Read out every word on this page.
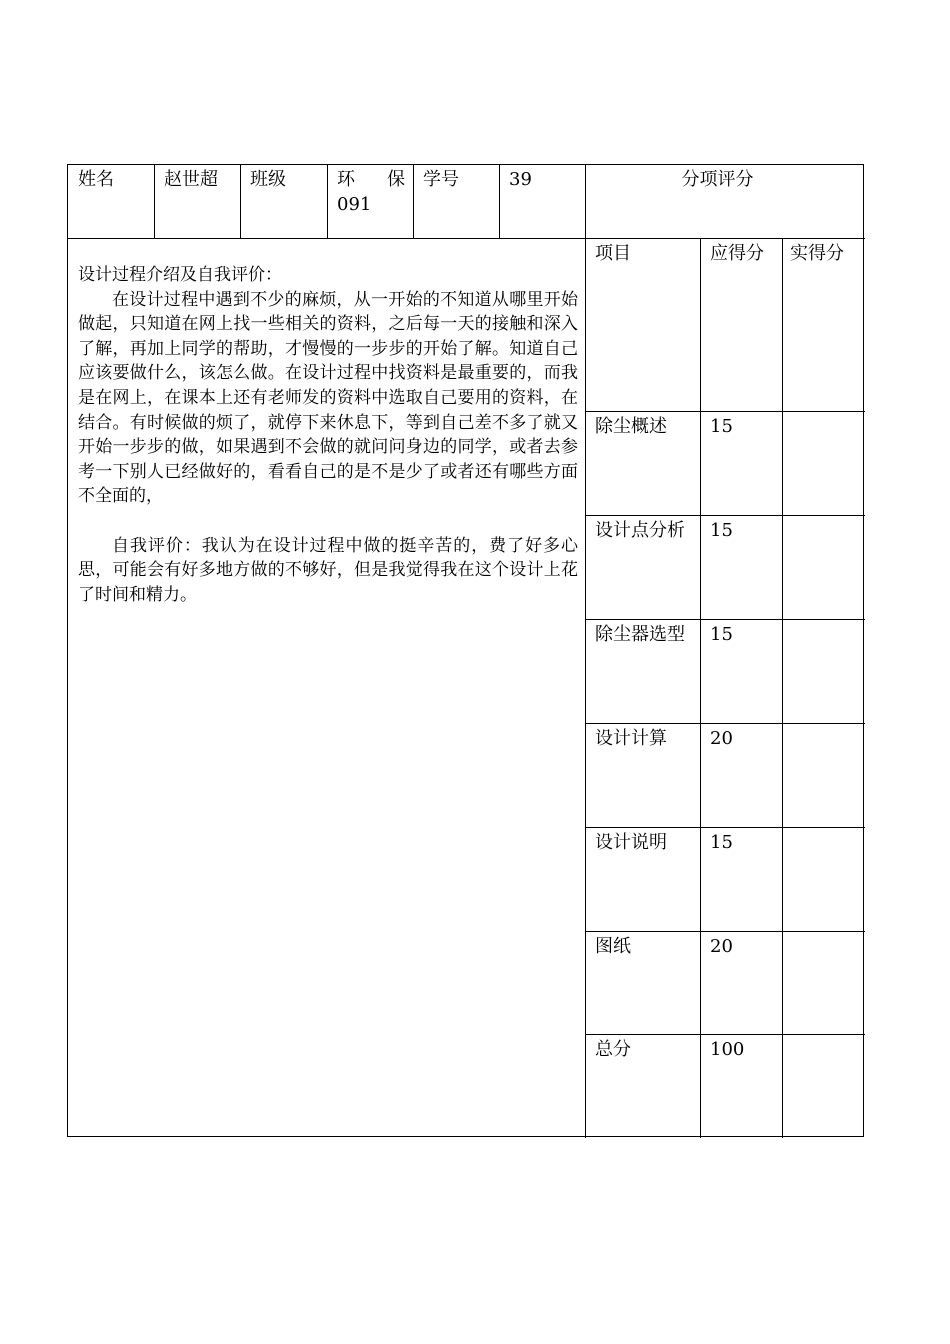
姓名	赵世超	班级	环 保
091
学号	39	分项评分

设计过程介绍及自我评价：

在设计过程中遇到不少的麻烦，从一开始的不知道从哪里开始做起，只知道在网上找一些相关的资料，之后每一天的接触和深入了解，再加上同学的帮助，才慢慢的一步步的开始了解。知道自己应该要做什么，该怎么做。在设计过程中找资料是最重要的，而我是在网上，在课本上还有老师发的资料中选取自己要用的资料，在结合。有时候做的烦了，就停下来休息下，等到自己差不多了就又开始一步步的做，如果遇到不会做的就问问身边的同学，或者去参考一下别人已经做好的，看看自己的是不是少了或者还有哪些方面不全面的，

自我评价：我认为在设计过程中做的挺辛苦的，费了好多心思，可能会有好多地方做的不够好，但是我觉得我在这个设计上花了时间和精力。

项目	应得分	实得分
除尘概述	15
设计点分析	15
除尘器选型	15
设计计算	20
设计说明	15
图纸	20
总分	100
